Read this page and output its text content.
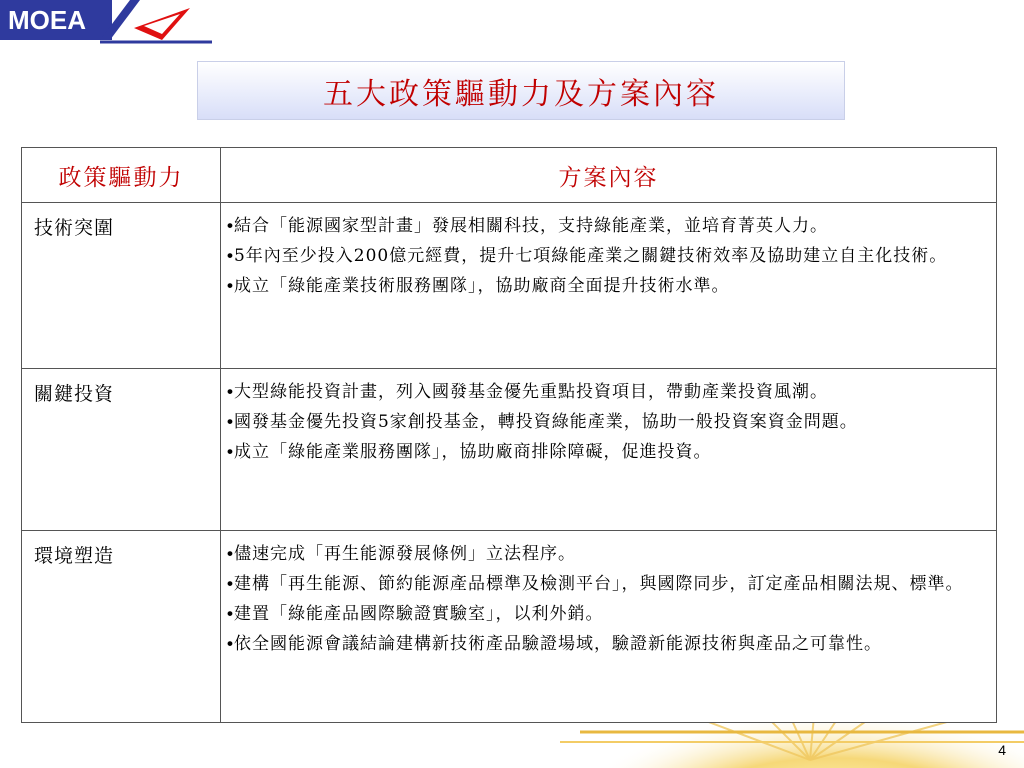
MOEA
五大政策驅動力及方案內容
政策驅動力	方案內容
技術突圍	•結合「能源國家型計畫」發展相關科技，支持綠能產業，並培育菁英人力。
•5年內至少投入200億元經費，提升七項綠能產業之關鍵技術效率及協助建立自主化技術。
•成立「綠能產業技術服務團隊」，協助廠商全面提升技術水準。

關鍵投資	•大型綠能投資計畫，列入國發基金優先重點投資項目，帶動產業投資風潮。
•國發基金優先投資5家創投基金，轉投資綠能產業，協助一般投資案資金問題。
•成立「綠能產業服務團隊」，協助廠商排除障礙，促進投資。

環境塑造	•儘速完成「再生能源發展條例」立法程序。
•建構「再生能源、節約能源產品標準及檢測平台」，與國際同步，訂定產品相關法規、標準。
•建置「綠能產品國際驗證實驗室」，以利外銷。
•依全國能源會議結論建構新技術產品驗證場域，驗證新能源技術與產品之可靠性。
4
